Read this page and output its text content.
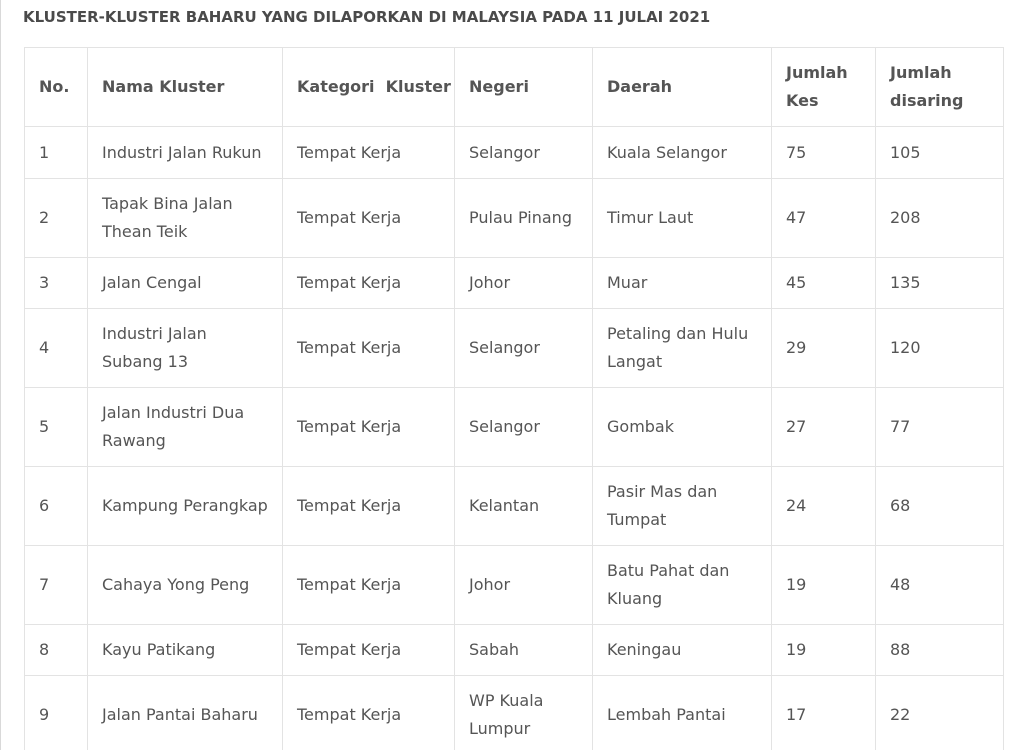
KLUSTER-KLUSTER BAHARU YANG DILAPORKAN DI MALAYSIA PADA 11 JULAI 2021
No.	Nama Kluster	Kategori  Kluster	Negeri	Daerah	Jumlah Kes	Jumlah disaring
1	Industri Jalan Rukun	Tempat Kerja	Selangor	Kuala Selangor	75	105
2	Tapak Bina Jalan Thean Teik	Tempat Kerja	Pulau Pinang	Timur Laut	47	208
3	Jalan Cengal	Tempat Kerja	Johor	Muar	45	135
4	Industri Jalan Subang 13	Tempat Kerja	Selangor	Petaling dan Hulu Langat	29	120
5	Jalan Industri Dua Rawang	Tempat Kerja	Selangor	Gombak	27	77
6	Kampung Perangkap	Tempat Kerja	Kelantan	Pasir Mas dan Tumpat	24	68
7	Cahaya Yong Peng	Tempat Kerja	Johor	Batu Pahat dan Kluang	19	48
8	Kayu Patikang	Tempat Kerja	Sabah	Keningau	19	88
9	Jalan Pantai Baharu	Tempat Kerja	WP Kuala Lumpur	Lembah Pantai	17	22
